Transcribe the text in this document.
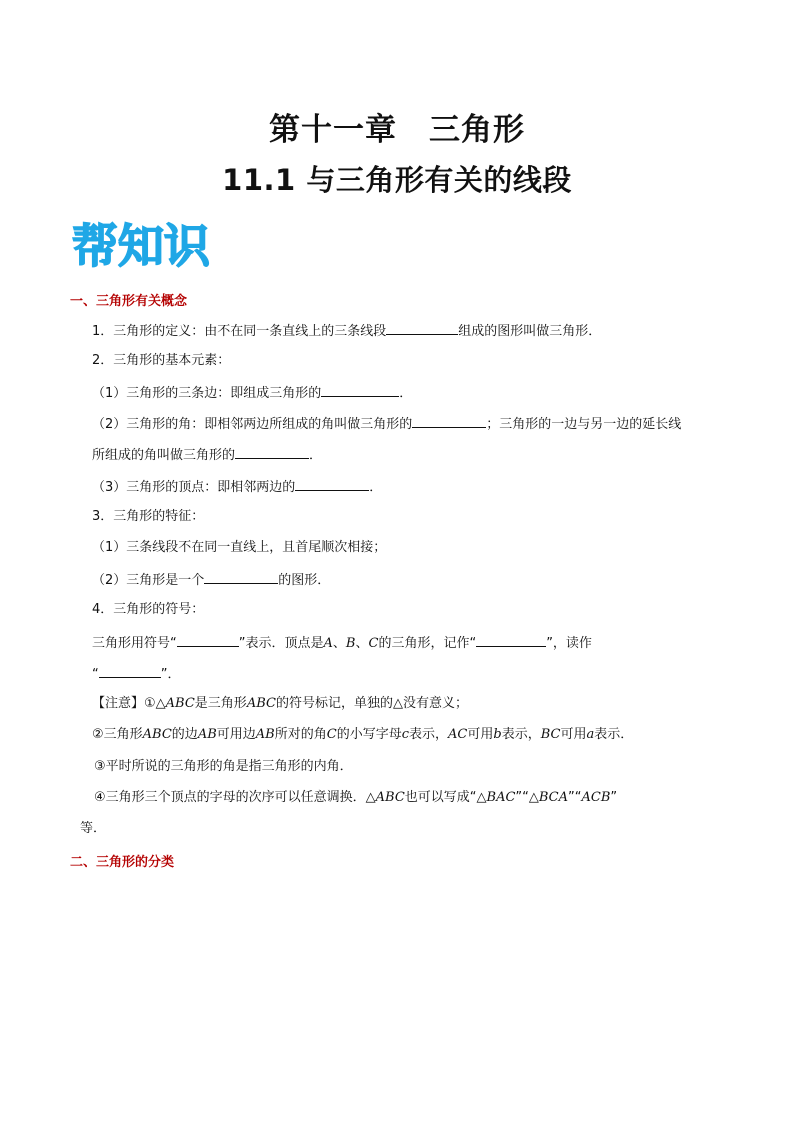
第十一章　三角形
11.1 与三角形有关的线段
帮知识
一、三角形有关概念
1．三角形的定义：由不在同一条直线上的三条线段	组成的图形叫做三角形．
2．三角形的基本元素：
（1）三角形的三条边：即组成三角形的	．
（2）三角形的角：即相邻两边所组成的角叫做三角形的	；三角形的一边与另一边的延长线
所组成的角叫做三角形的	．
（3）三角形的顶点：即相邻两边的	．
3．三角形的特征：
（1）三条线段不在同一直线上，且首尾顺次相接；
（2）三角形是一个	的图形．
4．三角形的符号：
三角形用符号“	”表示．顶点是A、B、C的三角形，记作“	”，读作
“	”．
【注意】①△ABC是三角形ABC的符号标记，单独的△没有意义；
②三角形ABC的边AB可用边AB所对的角C的小写字母c表示，AC可用b表示，BC可用a表示．
③平时所说的三角形的角是指三角形的内角．
④三角形三个顶点的字母的次序可以任意调换．△ABC也可以写成“△BAC”“△BCA”“ACB”
等．
二、三角形的分类
